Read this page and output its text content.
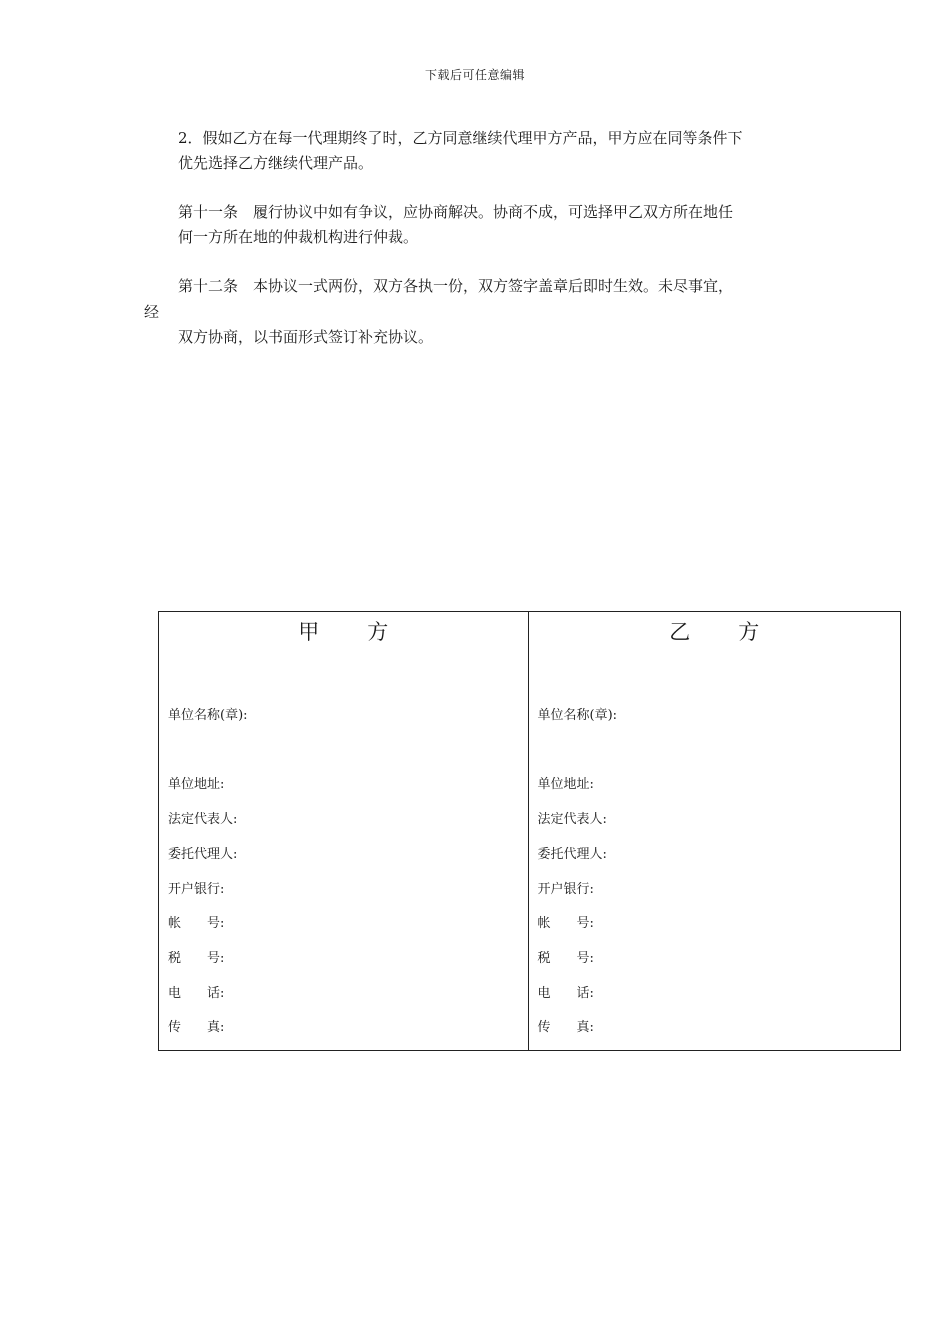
下载后可任意编辑

2．假如乙方在每一代理期终了时，乙方同意继续代理甲方产品，甲方应在同等条件下
优先选择乙方继续代理产品。

第十一条　履行协议中如有争议，应协商解决。协商不成，可选择甲乙双方所在地任
何一方所在地的仲裁机构进行仲裁。

第十二条　本协议一式两份，双方各执一份，双方签字盖章后即时生效。未尽事宜，

经

双方协商，以书面形式签订补充协议。

甲方
单位名称(章):
单位地址:
法定代表人:
委托代理人:
开户银行:
帐　　号:
税　　号:
电　　话:
传　　真:
乙方
单位名称(章):
单位地址:
法定代表人:
委托代理人:
开户银行:
帐　　号:
税　　号:
电　　话:
传　　真:
